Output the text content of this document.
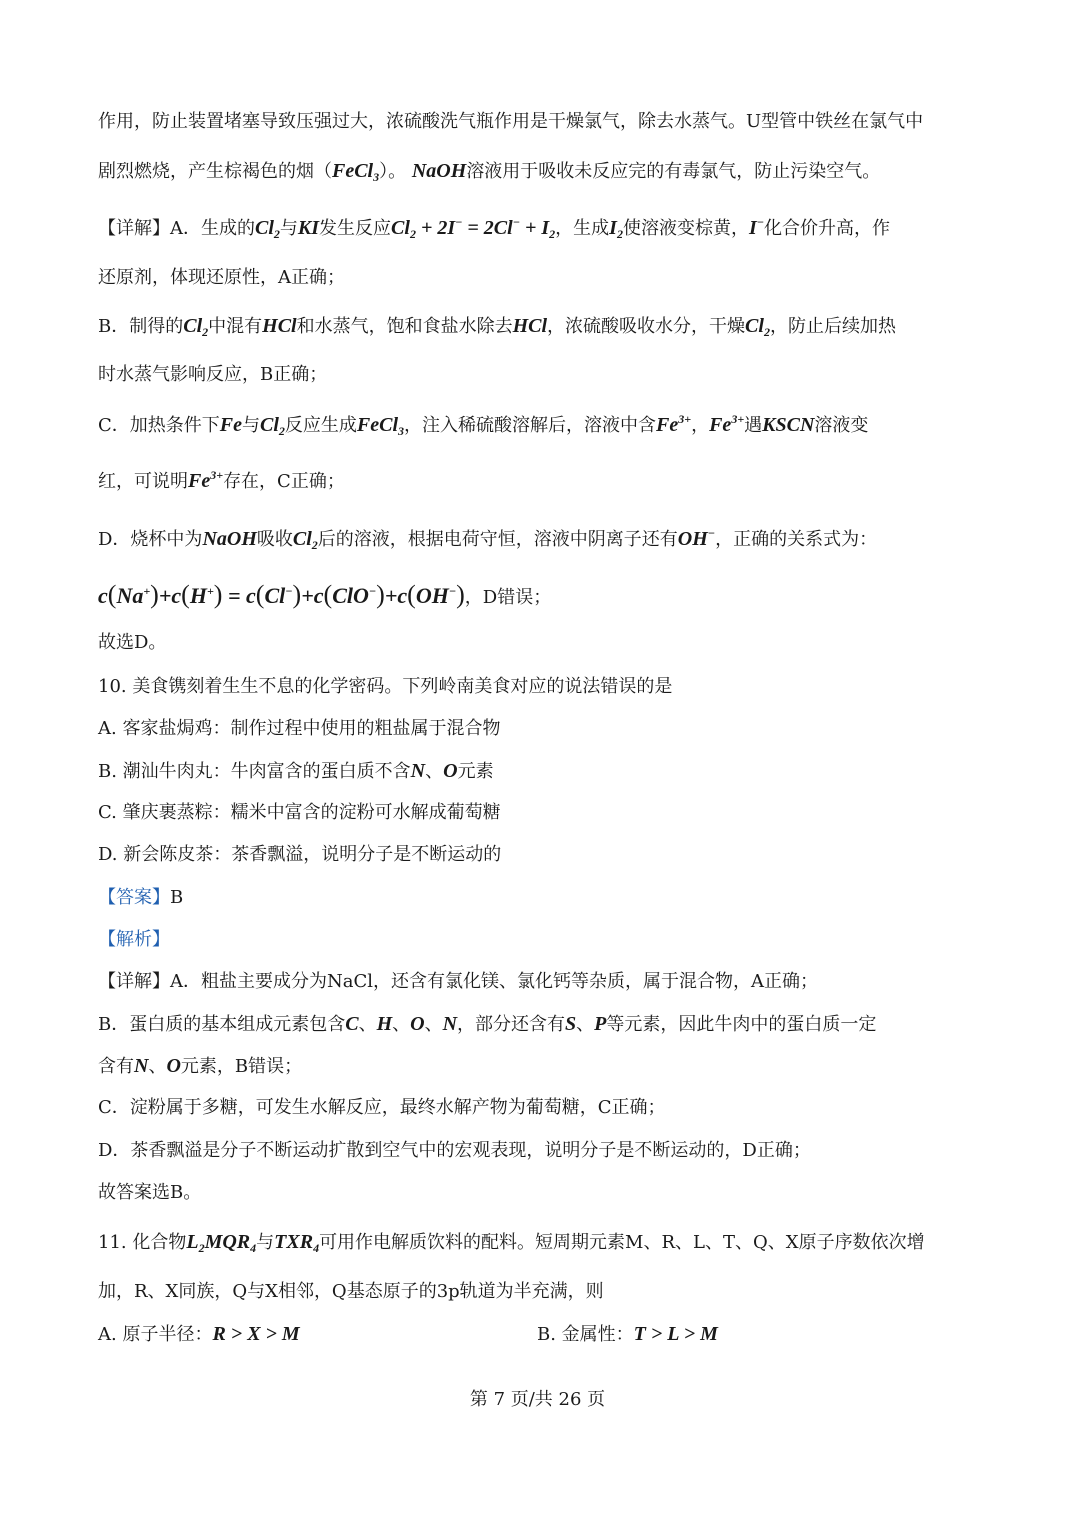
作用，防止装置堵塞导致压强过大，浓硫酸洗气瓶作用是干燥氯气，除去水蒸气。U型管中铁丝在氯气中
剧烈燃烧，产生棕褐色的烟（FeCl$_3$）。 NaOH溶液用于吸收未反应完的有毒氯气，防止污染空气。
【详解】A．生成的$Cl_2$与KI发生反应$Cl_2 + 2I^- = 2Cl^- + I_2$，生成$I_2$使溶液变棕黄，I−化合价升高，作
还原剂，体现还原性，A正确；
B．制得的$Cl_2$中混有HCl和水蒸气，饱和食盐水除去HCl，浓硫酸吸收水分，干燥$Cl_2$，防止后续加热
时水蒸气影响反应，B正确；
C．加热条件下Fe与$Cl_2$反应生成FeCl$_3$，注入稀硫酸溶解后，溶液中含$Fe^{3+}$，$Fe^{3+}$遇KSCN溶液变
红，可说明$Fe^{3+}$存在，C正确；
D．烧杯中为NaOH吸收$Cl_2$后的溶液，根据电荷守恒，溶液中阴离子还有OH−，正确的关系式为：
c(Na+)+c(H+) = c(Cl−)+c(ClO−)+c(OH−)，D错误；
故选D。
10. 美食镌刻着生生不息的化学密码。下列岭南美食对应的说法错误的是
A. 客家盐焗鸡：制作过程中使用的粗盐属于混合物
B. 潮汕牛肉丸：牛肉富含的蛋白质不含N、O元素
C. 肇庆裹蒸粽：糯米中富含的淀粉可水解成葡萄糖
D. 新会陈皮茶：茶香飘溢，说明分子是不断运动的
【答案】B
【解析】
【详解】A．粗盐主要成分为NaCl，还含有氯化镁、氯化钙等杂质，属于混合物，A正确；
B．蛋白质的基本组成元素包含C、H、O、N，部分还含有S、P等元素，因此牛肉中的蛋白质一定
含有N、O元素，B错误；
C．淀粉属于多糖，可发生水解反应，最终水解产物为葡萄糖，C正确；
D．茶香飘溢是分子不断运动扩散到空气中的宏观表现，说明分子是不断运动的，D正确；
故答案选B。
11. 化合物$L_2MQR_4$与$TXR_4$可用作电解质饮料的配料。短周期元素M、R、L、T、Q、X原子序数依次增
加，R、X同族，Q与X相邻，Q基态原子的3p轨道为半充满，则
A. 原子半径：R > X > M	B. 金属性：T > L > M
第 7 页/共 26 页
